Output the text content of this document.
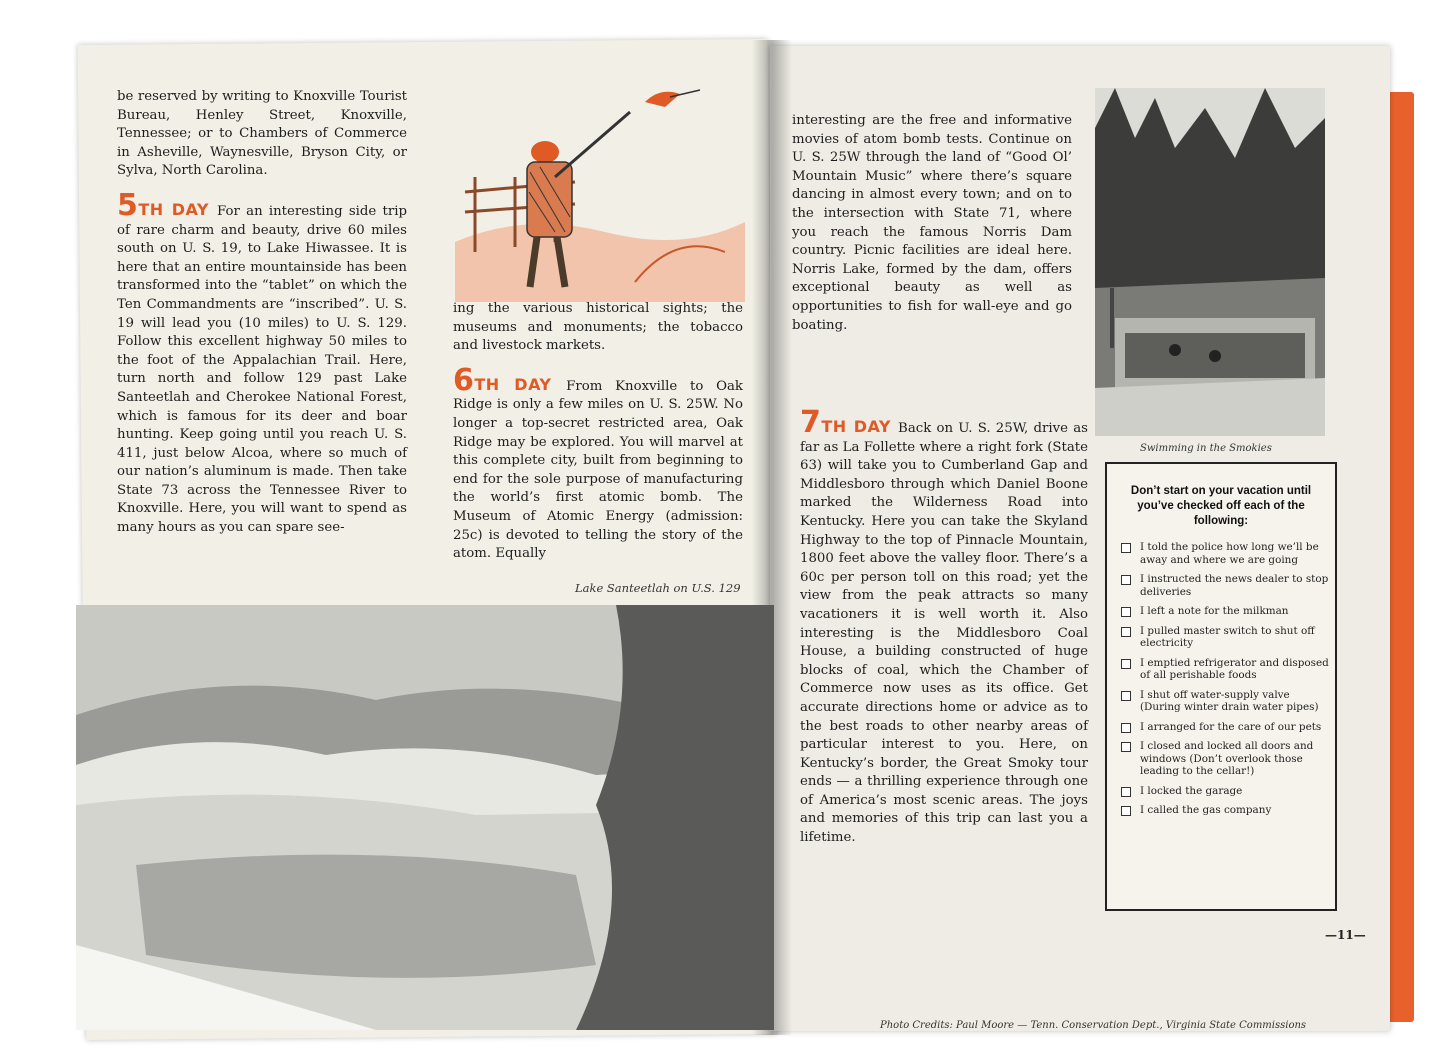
be reserved by writing to Knoxville Tourist Bureau, Henley Street, Knoxville, Tennessee; or to Chambers of Commerce in Asheville, Waynesville, Bryson City, or Sylva, North Carolina.

5TH DAY For an interesting side trip of rare charm and beauty, drive 60 miles south on U. S. 19, to Lake Hiwassee. It is here that an entire mountainside has been transformed into the “tablet” on which the Ten Commandments are “inscribed”. U. S. 19 will lead you (10 miles) to U. S. 129. Follow this excellent highway 50 miles to the foot of the Appalachian Trail. Here, turn north and follow 129 past Lake Santeetlah and Cherokee National Forest, which is famous for its deer and boar hunting. Keep going until you reach U. S. 411, just below Alcoa, where so much of our nation’s aluminum is made. Then take State 73 across the Tennessee River to Knoxville. Here, you will want to spend as many hours as you can spare see-

ing the various historical sights; the museums and monuments; the tobacco and livestock markets.

6TH DAY From Knoxville to Oak Ridge is only a few miles on U. S. 25W. No longer a top-secret restricted area, Oak Ridge may be explored. You will marvel at this complete city, built from beginning to end for the sole purpose of manufacturing the world’s first atomic bomb. The Museum of Atomic Energy (admission: 25c) is devoted to telling the story of the atom. Equally

Lake Santeetlah on U.S. 129
interesting are the free and informative movies of atom bomb tests. Continue on U. S. 25W through the land of “Good Ol’ Mountain Music” where there’s square dancing in almost every town; and on to the intersection with State 71, where you reach the famous Norris Dam country. Picnic facilities are ideal here. Norris Lake, formed by the dam, offers exceptional beauty as well as opportunities to fish for wall-eye and go boating.
7TH DAY Back on U. S. 25W, drive as far as La Follette where a right fork (State 63) will take you to Cumberland Gap and Middlesboro through which Daniel Boone marked the Wilderness Road into Kentucky. Here you can take the Skyland Highway to the top of Pinnacle Mountain, 1800 feet above the valley floor. There’s a 60c per person toll on this road; yet the view from the peak attracts so many vacationers it is well worth it. Also interesting is the Middlesboro Coal House, a building constructed of huge blocks of coal, which the Chamber of Commerce now uses as its office. Get accurate directions home or advice as to the best roads to other nearby areas of particular interest to you. Here, on Kentucky’s border, the Great Smoky tour ends — a thrilling experience through one of America’s most scenic areas. The joys and memories of this trip can last you a lifetime.
Swimming in the Smokies
Don’t start on your vacation until you’ve checked off each of the following:
I told the police how long we’ll be away and where we are going
I instructed the news dealer to stop deliveries
I left a note for the milkman
I pulled master switch to shut off electricity
I emptied refrigerator and disposed of all perishable foods
I shut off water-supply valve (During winter drain water pipes)
I arranged for the care of our pets
I closed and locked all doors and windows (Don’t overlook those leading to the cellar!)
I locked the garage
I called the gas company
—11—
Photo Credits: Paul Moore — Tenn. Conservation Dept., Virginia State Commissions
